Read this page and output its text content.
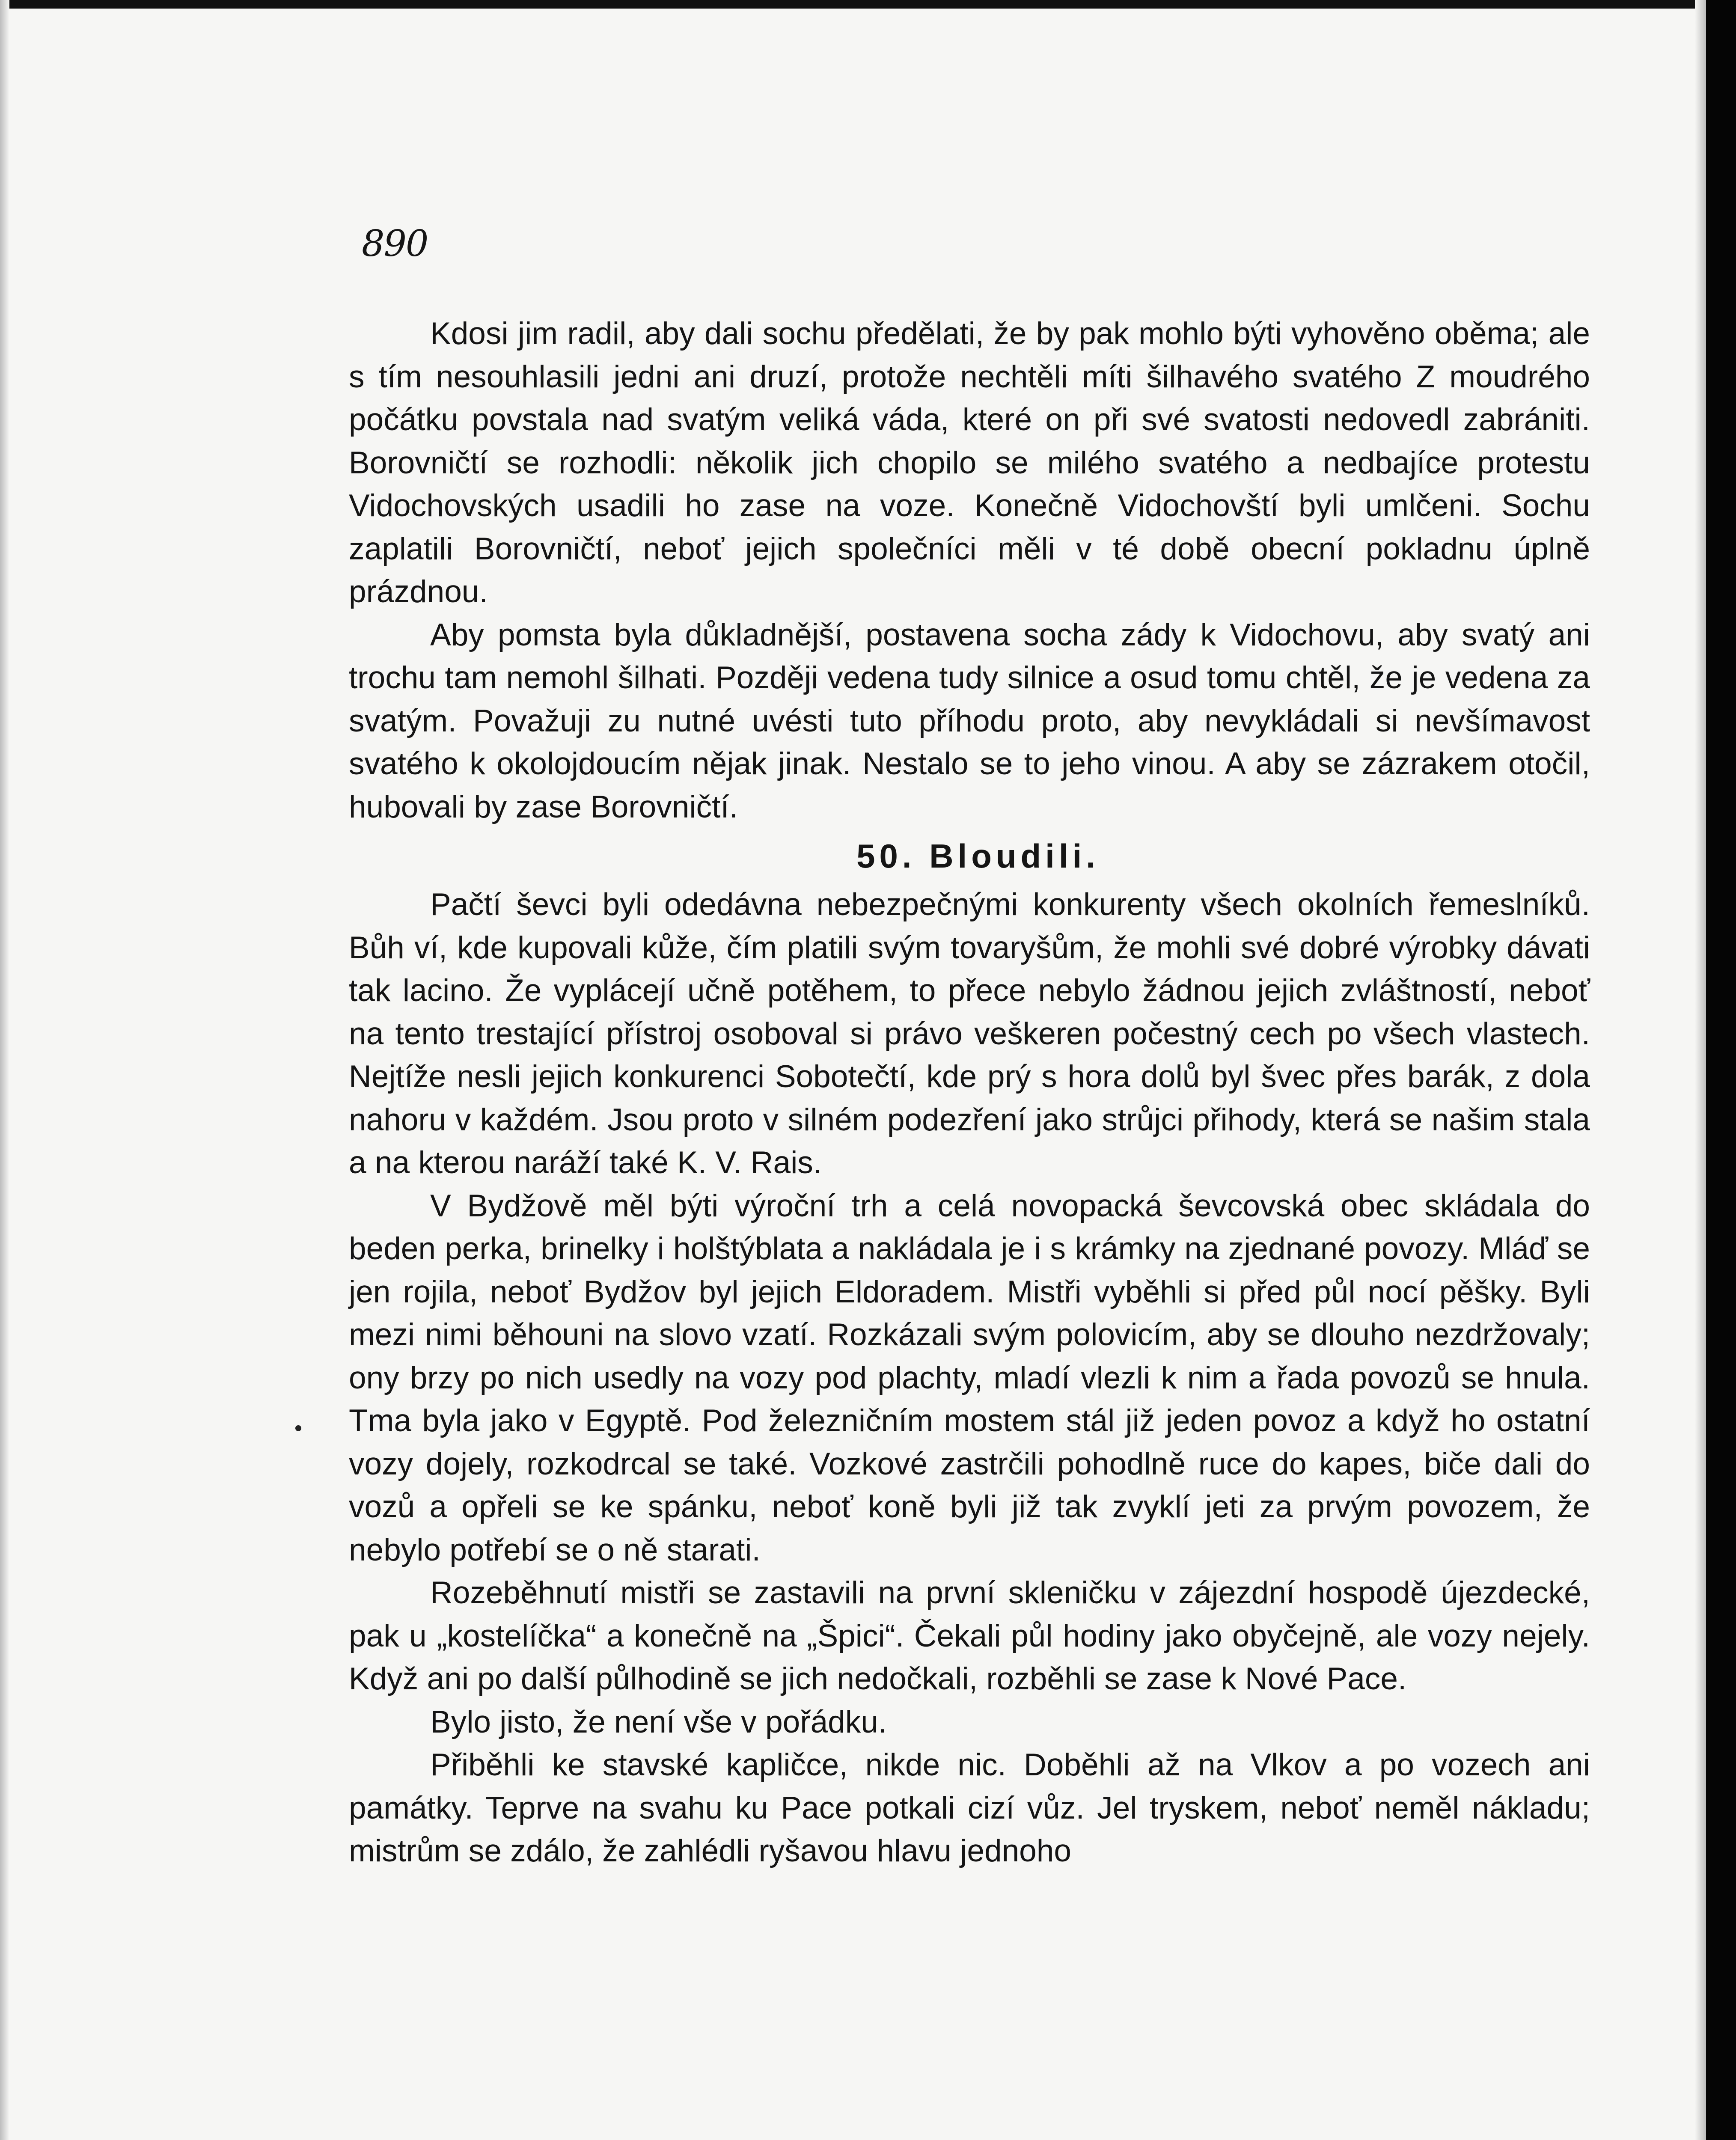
890

Kdosi jim radil, aby dali sochu předělati, že by pak mohlo býti vyhověno oběma; ale s tím nesouhlasili jedni ani druzí, protože nechtěli míti šilhavého svatého Z moudrého počátku povstala nad svatým veliká váda, které on při své svatosti nedovedl zabrániti. Borovničtí se rozhodli: několik jich chopilo se milého svatého a nedbajíce protestu Vidochovských usadili ho zase na voze. Konečně Vidochovští byli umlčeni. Sochu zaplatili Borovničtí, neboť jejich společníci měli v té době obecní pokladnu úplně prázdnou.

Aby pomsta byla důkladnější, postavena socha zády k Vidochovu, aby svatý ani trochu tam nemohl šilhati. Později vedena tudy silnice a osud tomu chtěl, že je vedena za svatým. Považuji zu nutné uvésti tuto příhodu proto, aby nevykládali si nevšímavost svatého k okolojdoucím nějak jinak. Nestalo se to jeho vinou. A aby se zázrakem otočil, hubovali by zase Borovničtí.

50. Bloudili.

Pačtí ševci byli odedávna nebezpečnými konkurenty všech okolních řemeslníků. Bůh ví, kde kupovali kůže, čím platili svým tovaryšům, že mohli své dobré výrobky dávati tak lacino. Že vyplácejí učně potěhem, to přece nebylo žádnou jejich zvláštností, neboť na tento trestající přístroj osoboval si právo veškeren počestný cech po všech vlastech. Nejtíže nesli jejich konkurenci Sobotečtí, kde prý s hora dolů byl švec přes barák, z dola nahoru v každém. Jsou proto v silném podezření jako strůjci přihody, která se našim stala a na kterou naráží také K. V. Rais.

V Bydžově měl býti výroční trh a celá novopacká ševcovská obec skládala do beden perka, brinelky i holštýblata a nakládala je i s krámky na zjednané povozy. Mláď se jen rojila, neboť Bydžov byl jejich Eldoradem. Mistři vyběhli si před půl nocí pěšky. Byli mezi nimi běhouni na slovo vzatí. Rozkázali svým polovicím, aby se dlouho nezdržovaly; ony brzy po nich usedly na vozy pod plachty, mladí vlezli k nim a řada povozů se hnula. Tma byla jako v Egyptě. Pod železničním mostem stál již jeden povoz a když ho ostatní vozy dojely, rozkodrcal se také. Vozkové zastrčili pohodlně ruce do kapes, biče dali do vozů a opřeli se ke spánku, neboť koně byli již tak zvyklí jeti za prvým povozem, že nebylo potřebí se o ně starati.

Rozeběhnutí mistři se zastavili na první skleničku v zájezdní hospodě újezdecké, pak u „kostelíčka“ a konečně na „Špici“. Čekali půl hodiny jako obyčejně, ale vozy nejely. Když ani po další půlhodině se jich nedočkali, rozběhli se zase k Nové Pace.

Bylo jisto, že není vše v pořádku.

Přiběhli ke stavské kapličce, nikde nic. Doběhli až na Vlkov a po vozech ani památky. Teprve na svahu ku Pace potkali cizí vůz. Jel tryskem, neboť neměl nákladu; mistrům se zdálo, že zahlédli ryšavou hlavu jednoho
